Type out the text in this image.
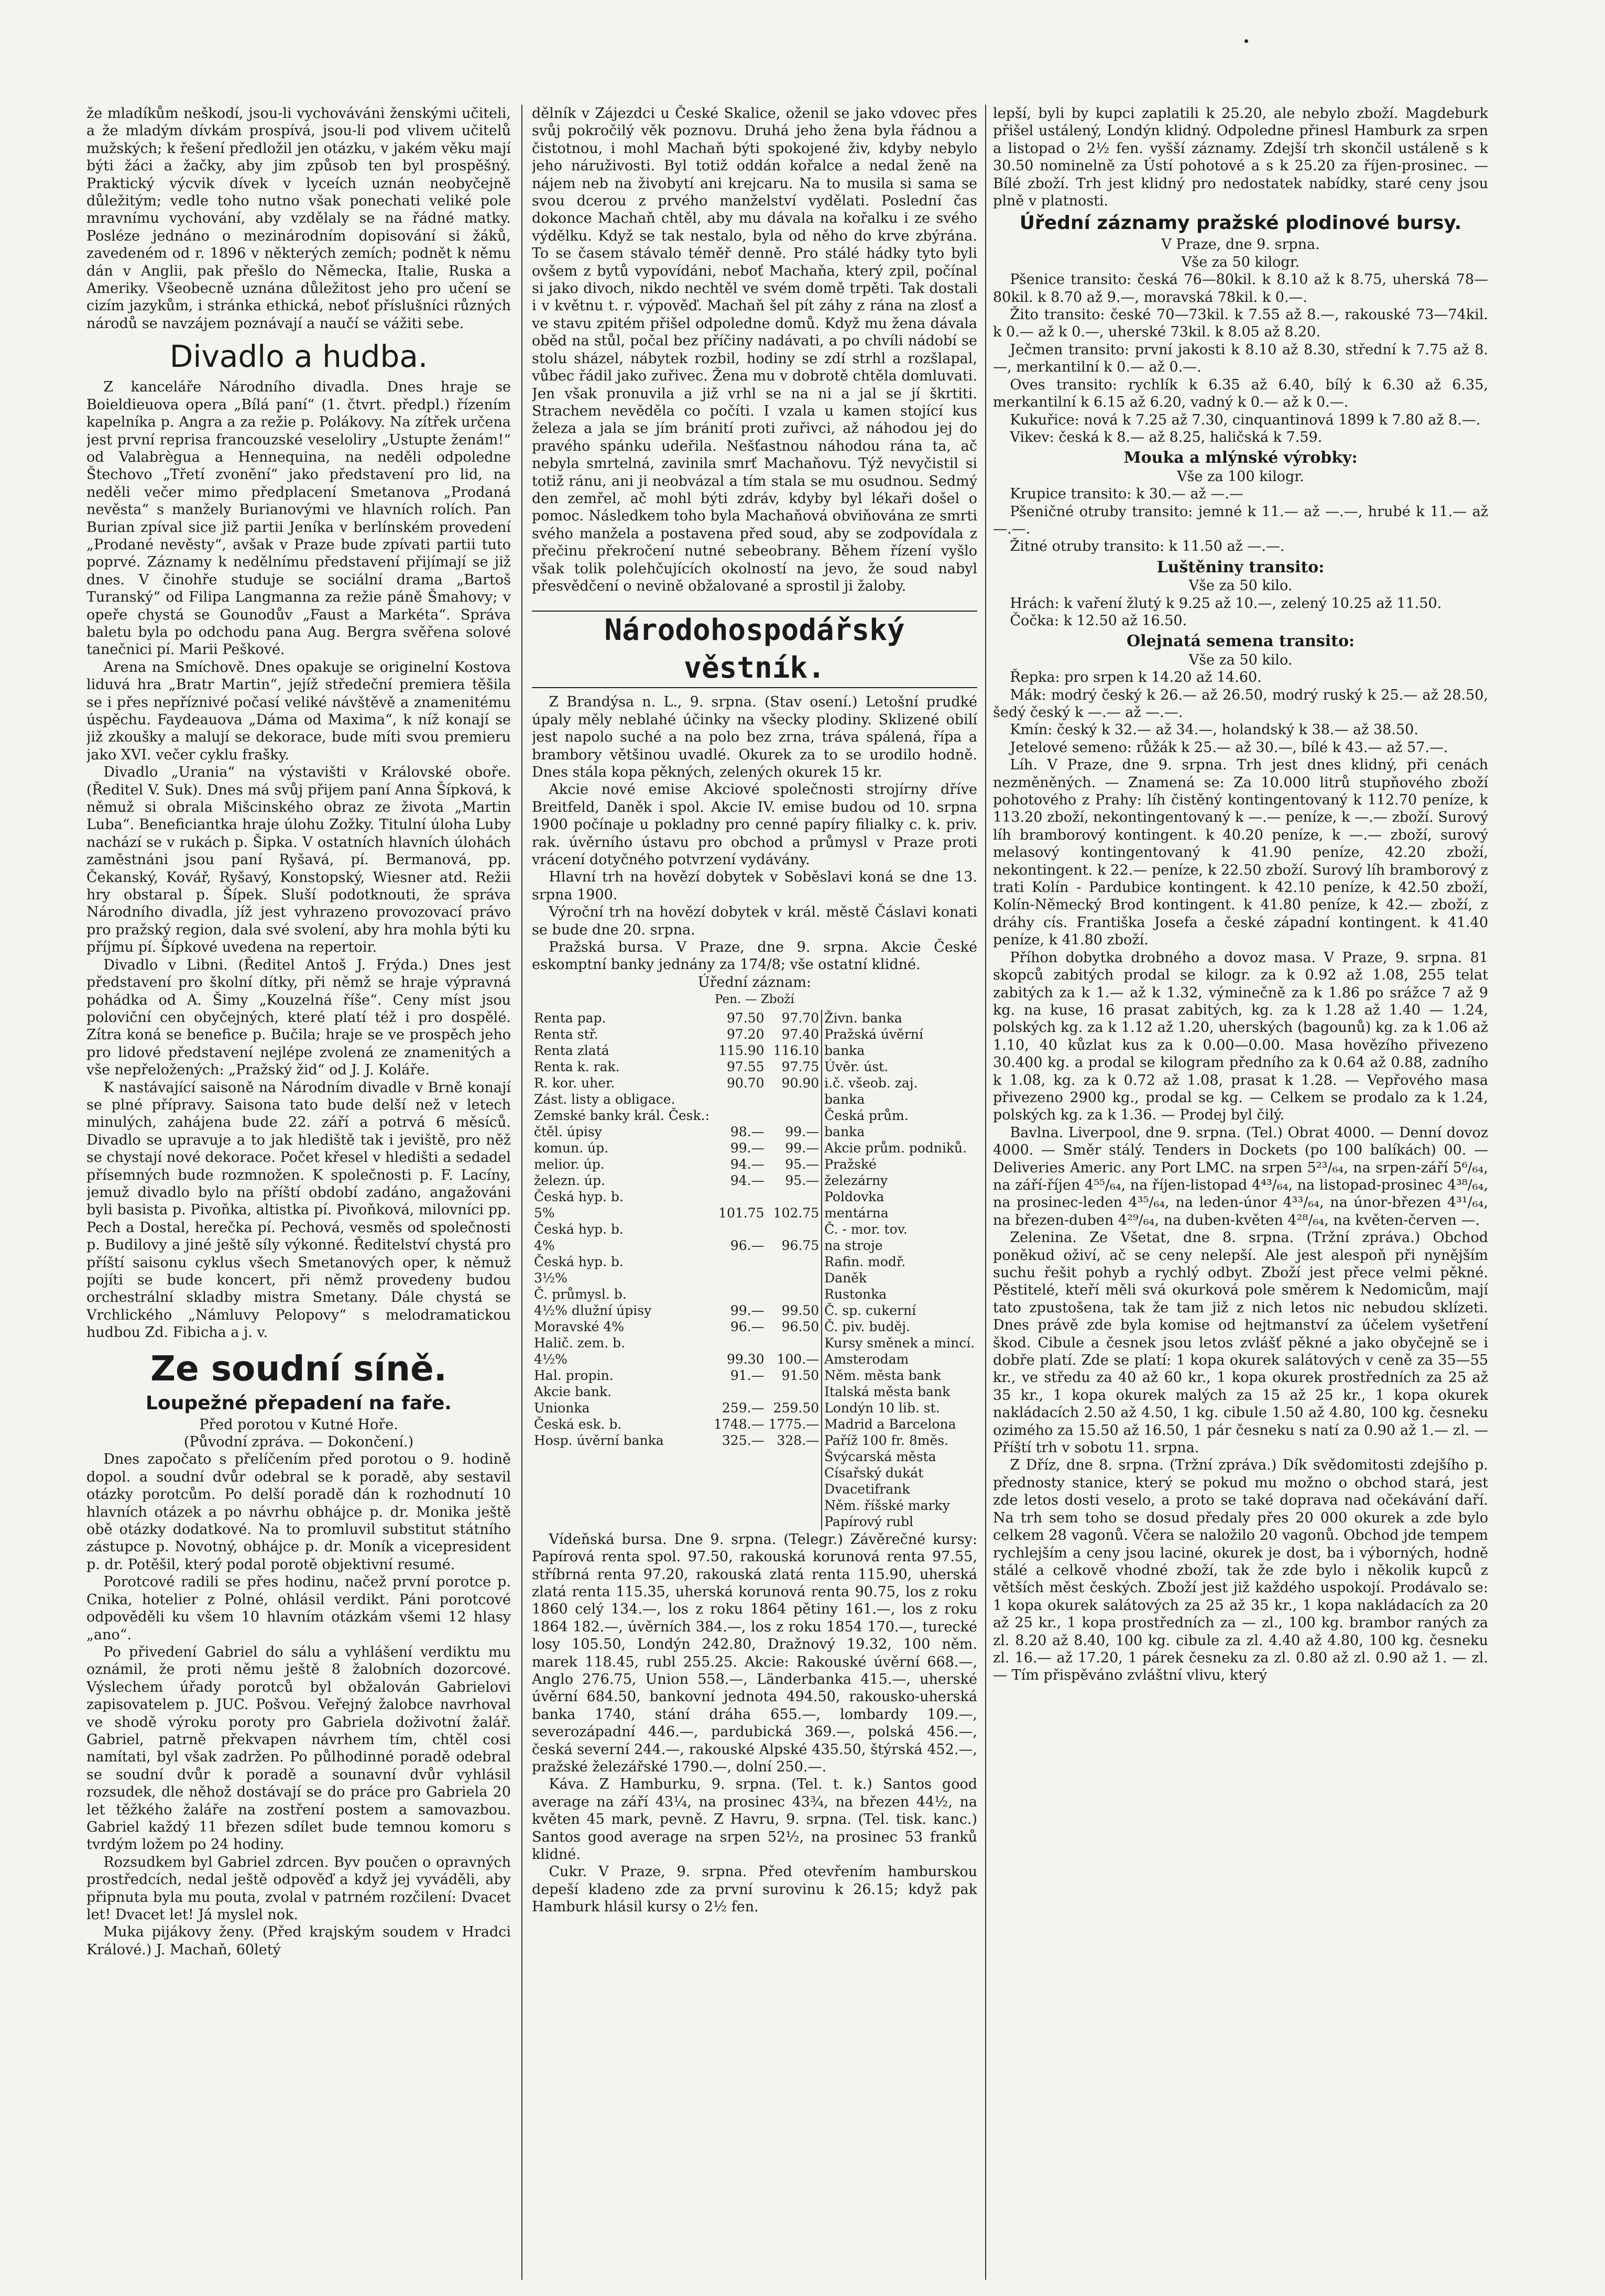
že mladíkům neškodí, jsou-li vychováváni ženskými učiteli, a že mladým dívkám prospívá, jsou-li pod vlivem učitelů mužských; k řešení předložil jen otázku, v jakém věku mají býti žáci a žačky, aby jim způsob ten byl prospěšný. Praktický výcvik dívek v lyceích uznán neobyčejně důležitým; vedle toho nutno však ponechati veliké pole mravnímu vychování, aby vzdělaly se na řádné matky. Posléze jednáno o mezinárodním dopisování si žáků, zavedeném od r. 1896 v některých zemích; podnět k němu dán v Anglii, pak přešlo do Německa, Italie, Ruska a Ameriky. Všeobecně uznána důležitost jeho pro učení se cizím jazykům, i stránka ethická, neboť příslušníci různých národů se navzájem poznávají a naučí se vážiti sebe.

Divadlo a hudba.

Z kanceláře Národního divadla. Dnes hraje se Boieldieuova opera „Bílá paní“ (1. čtvrt. předpl.) řízením kapelníka p. Angra a za režie p. Polákovy. Na zítřek určena jest první reprisa francouzské veseloliry „Ustupte ženám!“ od Valabrègua a Hennequina, na neděli odpoledne Štechovo „Třetí zvonění“ jako představení pro lid, na neděli večer mimo předplacení Smetanova „Prodaná nevěsta“ s manžely Burianovými ve hlavních rolích. Pan Burian zpíval sice již partii Jeníka v berlínském provedení „Prodané nevěsty“, avšak v Praze bude zpívati partii tuto poprvé. Záznamy k nedělnímu představení přijímají se již dnes. V činohře studuje se sociální drama „Bartoš Turanský“ od Filipa Langmanna za režie páně Šmahovy; v opeře chystá se Gounodův „Faust a Markéta“. Správa baletu byla po odchodu pana Aug. Bergra svěřena solové tanečnici pí. Marii Peškové.

Arena na Smíchově. Dnes opakuje se originelní Kostova liduvá hra „Bratr Martin“, jejíž středeční premiera těšila se i přes nepříznivé počasí veliké návštěvě a znamenitému úspěchu. Faydeauova „Dáma od Maxima“, k níž konají se již zkoušky a malují se dekorace, bude míti svou premieru jako XVI. večer cyklu frašky.

Divadlo „Urania“ na výstavišti v Královské oboře. (Ředitel V. Suk). Dnes má svůj přijem paní Anna Šípková, k němuž si obrala Mišcinského obraz ze života „Martin Luba“. Beneficiantka hraje úlohu Zožky. Titulní úloha Luby nachází se v rukách p. Šipka. V ostatních hlavních úlohách zaměstnáni jsou paní Ryšavá, pí. Bermanová, pp. Čekanský, Kovář, Ryšavý, Konstopský, Wiesner atd. Režii hry obstaral p. Šípek. Sluší podotknouti, že správa Národního divadla, jíž jest vyhrazeno provozovací právo pro pražský region, dala své svolení, aby hra mohla býti ku příjmu pí. Šípkové uvedena na repertoir.

Divadlo v Libni. (Ředitel Antoš J. Frýda.) Dnes jest představení pro školní dítky, při němž se hraje výpravná pohádka od A. Šimy „Kouzelná říše“. Ceny míst jsou poloviční cen obyčejných, které platí též i pro dospělé. Zítra koná se benefice p. Bučila; hraje se ve prospěch jeho pro lidové představení nejlépe zvolená ze znamenitých a vše nepřeložených: „Pražský žid“ od J. J. Koláře.

K nastávající saisoně na Národním divadle v Brně konají se plné přípravy. Saisona tato bude delší než v letech minulých, zahájena bude 22. září a potrvá 6 měsíců. Divadlo se upravuje a to jak hlediště tak i jeviště, pro něž se chystají nové dekorace. Počet křesel v hledišti a sedadel přísemných bude rozmnožen. K společnosti p. F. Lacíny, jemuž divadlo bylo na příští období zadáno, angažováni byli basista p. Pivoňka, altistka pí. Pivoňková, milovníci pp. Pech a Dostal, herečka pí. Pechová, vesměs od společnosti p. Budilovy a jiné ještě síly výkonné. Ředitelství chystá pro příští saisonu cyklus všech Smetanových oper, k němuž pojíti se bude koncert, při němž provedeny budou orchestrální skladby mistra Smetany. Dále chystá se Vrchlického „Námluvy Pelopovy“ s melodramatickou hudbou Zd. Fibicha a j. v.

Ze soudní síně.
Loupežné přepadení na faře.
Před porotou v Kutné Hoře.
(Původní zpráva. — Dokončení.)

Dnes započato s přelíčením před porotou o 9. hodině dopol. a soudní dvůr odebral se k poradě, aby sestavil otázky porotcům. Po delší poradě dán k rozhodnutí 10 hlavních otázek a po návrhu obhájce p. dr. Monika ještě obě otázky dodatkové. Na to promluvil substitut státního zástupce p. Novotný, obhájce p. dr. Moník a vicepresident p. dr. Potěšil, který podal porotě objektivní resumé.

Porotcové radili se přes hodinu, načež první porotce p. Cnika, hotelier z Polné, ohlásil verdikt. Páni porotcové odpověděli ku všem 10 hlavním otázkám všemi 12 hlasy „ano“.

Po přivedení Gabriel do sálu a vyhlášení verdiktu mu oznámil, že proti němu ještě 8 žalobních dozorcové. Výslechem úřady porotců byl obžalován Gabrielovi zapisovatelem p. JUC. Pošvou. Veřejný žalobce navrhoval ve shodě výroku poroty pro Gabriela doživotní žalář. Gabriel, patrně překvapen návrhem tím, chtěl cosi namítati, byl však zadržen. Po půlhodinné poradě odebral se soudní dvůr k poradě a sounavní dvůr vyhlásil rozsudek, dle něhož dostávají se do práce pro Gabriela 20 let těžkého žaláře na zostření postem a samovazbou. Gabriel každý 11 březen sdílet bude temnou komoru s tvrdým ložem po 24 hodiny.

Rozsudkem byl Gabriel zdrcen. Byv poučen o opravných prostředcích, nedal ještě odpověď a když jej vyváděli, aby připnuta byla mu pouta, zvolal v patrném rozčilení: Dvacet let! Dvacet let! Já myslel nok.

Muka pijákovy ženy. (Před krajským soudem v Hradci Králové.) J. Machaň, 60letý

dělník v Zájezdci u České Skalice, oženil se jako vdovec přes svůj pokročilý věk poznovu. Druhá jeho žena byla řádnou a čistotnou, i mohl Machaň býti spokojené živ, kdyby nebylo jeho náruživosti. Byl totiž oddán kořalce a nedal ženě na nájem neb na živobytí ani krejcaru. Na to musila si sama se svou dcerou z prvého manželství vydělati. Poslední čas dokonce Machaň chtěl, aby mu dávala na kořalku i ze svého výdělku. Když se tak nestalo, byla od něho do krve zbýrána. To se časem stávalo téměř denně. Pro stálé hádky tyto byli ovšem z bytů vypovídáni, neboť Machaňa, který zpil, počínal si jako divoch, nikdo nechtěl ve svém domě trpěti. Tak dostali i v květnu t. r. výpověď. Machaň šel pít záhy z rána na zlosť a ve stavu zpitém přišel odpoledne domů. Když mu žena dávala oběd na stůl, počal bez příčiny nadávati, a po chvíli nádobí se stolu sházel, nábytek rozbil, hodiny se zdí strhl a rozšlapal, vůbec řádil jako zuřivec. Žena mu v dobrotě chtěla domluvati. Jen však pronuvila a již vrhl se na ni a jal se jí škrtiti. Strachem nevěděla co počíti. I vzala u kamen stojící kus železa a jala se jím bránití proti zuřivci, až náhodou jej do pravého spánku udeřila. Nešťastnou náhodou rána ta, ač nebyla smrtelná, zavinila smrť Machaňovu. Týž nevyčistil si totiž ránu, ani ji neobvázal a tím stala se mu osudnou. Sedmý den zemřel, ač mohl býti zdráv, kdyby byl lékaři došel o pomoc. Následkem toho byla Machaňová obviňována ze smrti svého manžela a postavena před soud, aby se zodpovídala z přečinu překročení nutné sebeobrany. Během řízení vyšlo však tolik polehčujících okolností na jevo, že soud nabyl přesvědčení o nevině obžalované a sprostil ji žaloby.

Národohospodářský věstník.

Z Brandýsa n. L., 9. srpna. (Stav osení.) Letošní prudké úpaly měly neblahé účinky na všecky plodiny. Sklizené obilí jest napolo suché a na polo bez zrna, tráva spálená, řípa a brambory většinou uvadlé. Okurek za to se urodilo hodně. Dnes stála kopa pěkných, zelených okurek 15 kr.

Akcie nové emise Akciové společnosti strojírny dříve Breitfeld, Daněk i spol. Akcie IV. emise budou od 10. srpna 1900 počínaje u pokladny pro cenné papíry filialky c. k. priv. rak. úvěrního ústavu pro obchod a průmysl v Praze proti vrácení dotyčného potvrzení vydávány.

Hlavní trh na hovězí dobytek v Soběslavi koná se dne 13. srpna 1900.

Výroční trh na hovězí dobytek v král. městě Čáslavi konati se bude dne 20. srpna.

Pražská bursa. V Praze, dne 9. srpna. Akcie České eskomptní banky jednány za 174/8; vše ostatní klidné.

Úřední záznam:
Pen. — Zboží
Renta pap.	97.50	97.70	Živn. banka		
Renta stř.	97.20	97.40	Pražská úvěrní		
Renta zlatá	115.90	116.10	banka		
Renta k. rak.	97.55	97.75	Úvěr. úst.		
R. kor. uher.	90.70	90.90	i.č. všeob. zaj.		
Zást. listy a obligace.			banka		
Zemské banky král. Česk.:			Česká prům.		
čtěl. úpisy	98.—	99.—	banka		
komun. úp.	99.—	99.—	Akcie prům. podniků.		
melior. úp.	94.—	95.—	Pražské		
železn. úp.	94.—	95.—	železárny		
Česká hyp. b.			Poldovka		
5%	101.75	102.75	mentárna		
Česká hyp. b.			Č. - mor. tov.		
4%	96.—	96.75	na stroje		
Česká hyp. b.			Rafin. modř.		
3½%			Daněk		
Č. průmysl. b.			Rustonka		
4½% dlužní úpisy	99.—	99.50	Č. sp. cukerní		
Moravské 4%	96.—	96.50	Č. piv. buděj.		
Halič. zem. b.			Kursy směnek a mincí.		
4½%	99.30	100.—	Amsterodam		
Hal. propin.	91.—	91.50	Něm. města bank		
Akcie bank.			Italská města bank		
Unionka	259.—	259.50	Londýn 10 lib. st.		
Česká esk. b.	1748.—	1775.—	Madrid a Barcelona		
Hosp. úvěrní banka	325.—	328.—	Paříž 100 fr. 8měs.		
			Švýcarská města		
			Císařský dukát		
			Dvacetifrank		
			Něm. říšské marky		
			Papírový rubl		

Vídeňská bursa. Dne 9. srpna. (Telegr.) Závěrečné kursy: Papírová renta spol. 97.50, rakouská korunová renta 97.55, stříbrná renta 97.20, rakouská zlatá renta 115.90, uherská zlatá renta 115.35, uherská korunová renta 90.75, los z roku 1860 celý 134.—, los z roku 1864 pětiny 161.—, los z roku 1864 182.—, úvěrních 384.—, los z roku 1854 170.—, turecké losy 105.50, Londýn 242.80, Dražnový 19.32, 100 něm. marek 118.45, rubl 255.25. Akcie: Rakouské úvěrní 668.—, Anglo 276.75, Union 558.—, Länderbanka 415.—, uherské úvěrní 684.50, bankovní jednota 494.50, rakousko-uherská banka 1740, stání dráha 655.—, lombardy 109.—, severozápadní 446.—, pardubická 369.—, polská 456.—, česká severní 244.—, rakouské Alpské 435.50, štýrská 452.—, pražské železářské 1790.—, dolní 250.—.

Káva. Z Hamburku, 9. srpna. (Tel. t. k.) Santos good average na září 43¼, na prosinec 43¾, na březen 44½, na květen 45 mark, pevně. Z Havru, 9. srpna. (Tel. tisk. kanc.) Santos good average na srpen 52½, na prosinec 53 franků klidné.

Cukr. V Praze, 9. srpna. Před otevřením hamburskou depeší kladeno zde za první surovinu k 26.15; když pak Hamburk hlásil kursy o 2½ fen.

lepší, byli by kupci zaplatili k 25.20, ale nebylo zboží. Magdeburk přišel ustálený, Londýn klidný. Odpoledne přinesl Hamburk za srpen a listopad o 2½ fen. vyšší záznamy. Zdejší trh skončil ustáleně s k 30.50 nominelně za Ústí pohotové a s k 25.20 za říjen-prosinec. — Bílé zboží. Trh jest klidný pro nedostatek nabídky, staré ceny jsou plně v platnosti.

Úřední záznamy pražské plodinové bursy.
V Praze, dne 9. srpna.
Vše za 50 kilogr.

Pšenice transito: česká 76—80kil. k 8.10 až k 8.75, uherská 78—80kil. k 8.70 až 9.—, moravská 78kil. k 0.—.

Žito transito: české 70—73kil. k 7.55 až 8.—, rakouské 73—74kil. k 0.— až k 0.—, uherské 73kil. k 8.05 až 8.20.

Ječmen transito: první jakosti k 8.10 až 8.30, střední k 7.75 až 8.—, merkantilní k 0.— až 0.—.

Oves transito: rychlík k 6.35 až 6.40, bílý k 6.30 až 6.35, merkantilní k 6.15 až 6.20, vadný k 0.— až k 0.—.

Kukuřice: nová k 7.25 až 7.30, cinquantinová 1899 k 7.80 až 8.—.

Vikev: česká k 8.— až 8.25, haličská k 7.59.

Mouka a mlýnské výrobky:
Vše za 100 kilogr.

Krupice transito: k 30.— až —.—

Pšeničné otruby transito: jemné k 11.— až —.—, hrubé k 11.— až —.—.

Žitné otruby transito: k 11.50 až —.—.

Luštěniny transito:
Vše za 50 kilo.

Hrách: k vaření žlutý k 9.25 až 10.—, zelený 10.25 až 11.50.

Čočka: k 12.50 až 16.50.

Olejnatá semena transito:
Vše za 50 kilo.

Řepka: pro srpen k 14.20 až 14.60.

Mák: modrý český k 26.— až 26.50, modrý ruský k 25.— až 28.50, šedý český k —.— až —.—.

Kmín: český k 32.— až 34.—, holandský k 38.— až 38.50.

Jetelové semeno: růžák k 25.— až 30.—, bílé k 43.— až 57.—.

Líh. V Praze, dne 9. srpna. Trh jest dnes klidný, při cenách nezměněných. — Znamená se: Za 10.000 litrů stupňového zboží pohotového z Prahy: líh čistěný kontingentovaný k 112.70 peníze, k 113.20 zboží, nekontingentovaný k —.— peníze, k —.— zboží. Surový líh bramborový kontingent. k 40.20 peníze, k —.— zboží, surový melasový kontingentovaný k 41.90 peníze, 42.20 zboží, nekontingent. k 22.— peníze, k 22.50 zboží. Surový líh bramborový z trati Kolín - Pardubice kontingent. k 42.10 peníze, k 42.50 zboží, Kolín-Německý Brod kontingent. k 41.80 peníze, k 42.— zboží, z dráhy cís. Františka Josefa a české západní kontingent. k 41.40 peníze, k 41.80 zboží.

Příhon dobytka drobného a dovoz masa. V Praze, 9. srpna. 81 skopců zabitých prodal se kilogr. za k 0.92 až 1.08, 255 telat zabitých za k 1.— až k 1.32, výminečně za k 1.86 po srážce 7 až 9 kg. na kuse, 16 prasat zabitých, kg. za k 1.28 až 1.40 — 1.24, polských kg. za k 1.12 až 1.20, uherských (bagounů) kg. za k 1.06 až 1.10, 40 kůzlat kus za k 0.00—0.00. Masa hovězího přivezeno 30.400 kg. a prodal se kilogram předního za k 0.64 až 0.88, zadního k 1.08, kg. za k 0.72 až 1.08, prasat k 1.28. — Vepřového masa přivezeno 2900 kg., prodal se kg. — Celkem se prodalo za k 1.24, polských kg. za k 1.36. — Prodej byl čilý.

Bavlna. Liverpool, dne 9. srpna. (Tel.) Obrat 4000. — Denní dovoz 4000. — Směr stálý. Tenders in Dockets (po 100 balíkách) 00. — Deliveries Americ. any Port LMC. na srpen 5²³/₆₄, na srpen-září 5⁶/₆₄, na září-říjen 4⁵⁵/₆₄, na říjen-listopad 4⁴³/₆₄, na listopad-prosinec 4³⁸/₆₄, na prosinec-leden 4³⁵/₆₄, na leden-únor 4³³/₆₄, na únor-březen 4³¹/₆₄, na březen-duben 4²⁹/₆₄, na duben-květen 4²⁸/₆₄, na květen-červen —.

Zelenina. Ze Všetat, dne 8. srpna. (Tržní zpráva.) Obchod poněkud oživí, ač se ceny nelepší. Ale jest alespoň při nynějším suchu řešit pohyb a rychlý odbyt. Zboží jest přece velmi pěkné. Pěstitelé, kteří měli svá okurková pole směrem k Nedomicům, mají tato zpustošena, tak že tam již z nich letos nic nebudou sklízeti. Dnes právě zde byla komise od hejtmanství za účelem vyšetření škod. Cibule a česnek jsou letos zvlášť pěkné a jako obyčejně se i dobře platí. Zde se platí: 1 kopa okurek salátových v ceně za 35—55 kr., ve středu za 40 až 60 kr., 1 kopa okurek prostředních za 25 až 35 kr., 1 kopa okurek malých za 15 až 25 kr., 1 kopa okurek nakládacích 2.50 až 4.50, 1 kg. cibule 1.50 až 4.80, 100 kg. česneku ozimého za 15.50 až 16.50, 1 pár česneku s natí za 0.90 až 1.— zl. — Příští trh v sobotu 11. srpna.

Z Dříz, dne 8. srpna. (Tržní zpráva.) Dík svědomitosti zdejšího p. přednosty stanice, který se pokud mu možno o obchod stará, jest zde letos dosti veselo, a proto se také doprava nad očekávání daří. Na trh sem toho se dosud předaly přes 20 000 okurek a zde bylo celkem 28 vagonů. Včera se naložilo 20 vagonů. Obchod jde tempem rychlejším a ceny jsou laciné, okurek je dost, ba i výborných, hodně stálé a celkově vhodné zboží, tak že zde bylo i několik kupců z větších měst českých. Zboží jest již každého uspokojí. Prodávalo se: 1 kopa okurek salátových za 25 až 35 kr., 1 kopa nakládacích za 20 až 25 kr., 1 kopa prostředních za — zl., 100 kg. brambor raných za zl. 8.20 až 8.40, 100 kg. cibule za zl. 4.40 až 4.80, 100 kg. česneku zl. 16.— až 17.20, 1 párek česneku za zl. 0.80 až zl. 0.90 až 1. — zl. — Tím přispěváno zvláštní vlivu, který
